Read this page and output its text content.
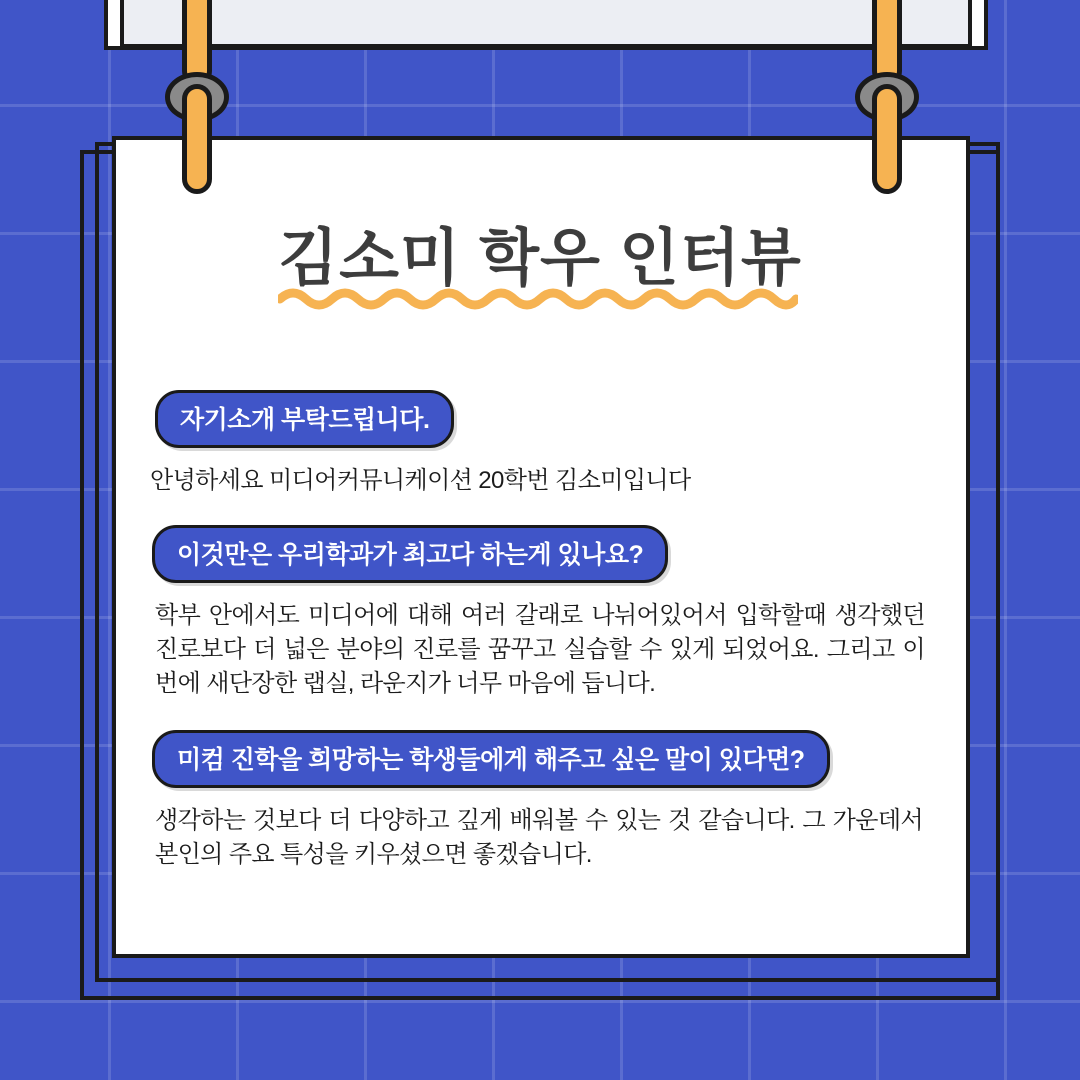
김소미 학우 인터뷰
자기소개 부탁드립니다.
안녕하세요 미디어커뮤니케이션 20학번 김소미입니다
이것만은 우리학과가 최고다 하는게 있나요?
학부 안에서도 미디어에 대해 여러 갈래로 나뉘어있어서 입학할때 생각했던 진로보다 더 넓은 분야의 진로를 꿈꾸고 실습할 수 있게 되었어요. 그리고 이번에 새단장한 랩실, 라운지가 너무 마음에 듭니다.
미컴 진학을 희망하는 학생들에게 해주고 싶은 말이 있다면?
생각하는 것보다 더 다양하고 깊게 배워볼 수 있는 것 같습니다. 그 가운데서 본인의 주요 특성을 키우셨으면 좋겠습니다.
